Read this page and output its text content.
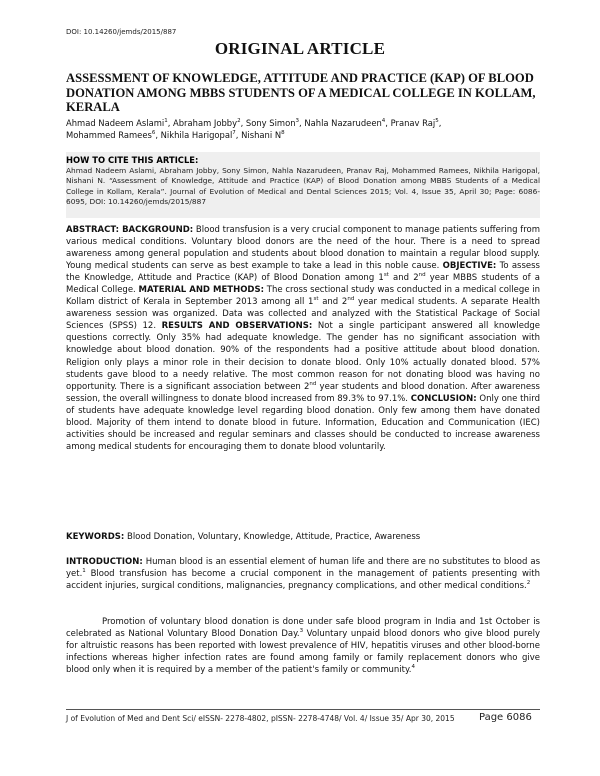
DOI: 10.14260/jemds/2015/887
ORIGINAL ARTICLE
ASSESSMENT OF KNOWLEDGE, ATTITUDE AND PRACTICE (KAP) OF BLOOD DONATION AMONG MBBS STUDENTS OF A MEDICAL COLLEGE IN KOLLAM, KERALA
Ahmad Nadeem Aslami$^1$, Abraham Jobby$^2$, Sony Simon$^3$, Nahla Nazarudeen$^4$, Pranav Raj$^5$,
Mohammed Ramees$^6$, Nikhila Harigopal$^7$, Nishani $N^8$
HOW TO CITE THIS ARTICLE:
Ahmad Nadeem Aslami, Abraham Jobby, Sony Simon, Nahla Nazarudeen, Pranav Raj, Mohammed Ramees, Nikhila Harigopal, Nishani N. “Assessment of Knowledge, Attitude and Practice (KAP) of Blood Donation among MBBS Students of a Medical College in Kollam, Kerala”. Journal of Evolution of Medical and Dental Sciences 2015; Vol. 4, Issue 35, April 30; Page: 6086-6095, DOI: 10.14260/jemds/2015/887
ABSTRACT: BACKGROUND: Blood transfusion is a very crucial component to manage patients suffering from various medical conditions. Voluntary blood donors are the need of the hour. There is a need to spread awareness among general population and students about blood donation to maintain a regular blood supply. Young medical students can serve as best example to take a lead in this noble cause. OBJECTIVE: To assess the Knowledge, Attitude and Practice (KAP) of Blood Donation among 1st and 2nd year MBBS students of a Medical College. MATERIAL AND METHODS: The cross sectional study was conducted in a medical college in Kollam district of Kerala in September 2013 among all 1st and 2nd year medical students. A separate Health awareness session was organized. Data was collected and analyzed with the Statistical Package of Social Sciences (SPSS) 12. RESULTS AND OBSERVATIONS: Not a single participant answered all knowledge questions correctly. Only 35% had adequate knowledge. The gender has no significant association with knowledge about blood donation. 90% of the respondents had a positive attitude about blood donation. Religion only plays a minor role in their decision to donate blood. Only 10% actually donated blood. 57% students gave blood to a needy relative. The most common reason for not donating blood was having no opportunity. There is a significant association between 2nd year students and blood donation. After awareness session, the overall willingness to donate blood increased from 89.3% to 97.1%. CONCLUSION: Only one third of students have adequate knowledge level regarding blood donation. Only few among them have donated blood. Majority of them intend to donate blood in future. Information, Education and Communication (IEC) activities should be increased and regular seminars and classes should be conducted to increase awareness among medical students for encouraging them to donate blood voluntarily.
KEYWORDS: Blood Donation, Voluntary, Knowledge, Attitude, Practice, Awareness
INTRODUCTION: Human blood is an essential element of human life and there are no substitutes to blood as yet.$^1$ Blood transfusion has become a crucial component in the management of patients presenting with accident injuries, surgical conditions, malignancies, pregnancy complications, and other medical conditions.$^2$
Promotion of voluntary blood donation is done under safe blood program in India and 1st October is celebrated as National Voluntary Blood Donation Day.$^3$ Voluntary unpaid blood donors who give blood purely for altruistic reasons has been reported with lowest prevalence of HIV, hepatitis viruses and other blood-borne infections whereas higher infection rates are found among family or family replacement donors who give blood only when it is required by a member of the patient's family or community.$^4$
J of Evolution of Med and Dent Sci/ eISSN- 2278-4802, pISSN- 2278-4748/ Vol. 4/ Issue 35/ Apr 30, 2015 Page 6086
